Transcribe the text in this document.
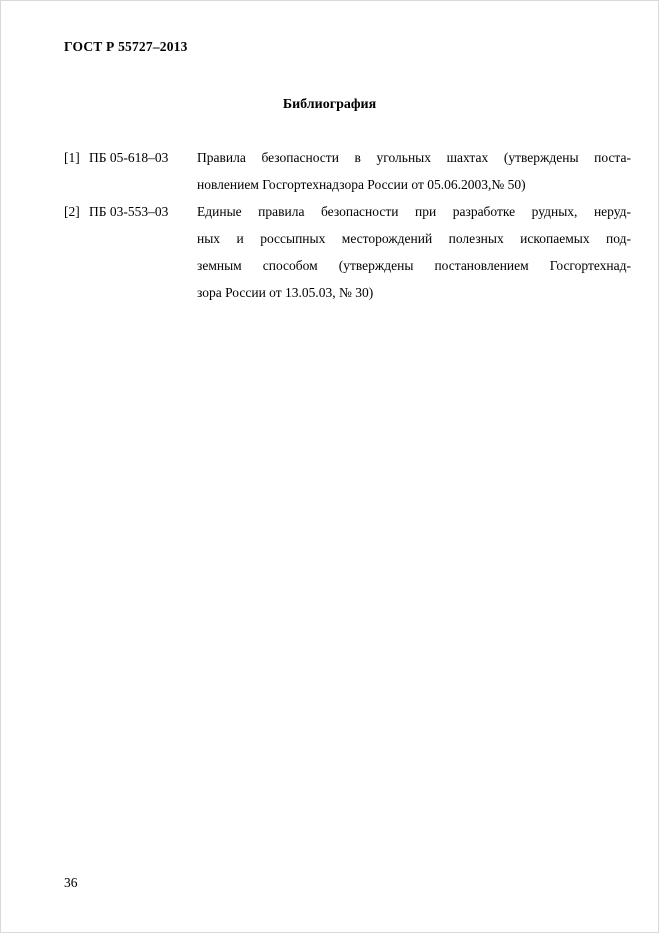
ГОСТ Р 55727–2013
Библиография
[1] ПБ 05-618–03	Правила безопасности в угольных шахтах (утверждены поста-
новлением Госгортехнадзора России от 05.06.2003,№ 50)
[2] ПБ 03-553–03	Единые правила безопасности при разработке рудных, неруд-
ных и россыпных месторождений полезных ископаемых под-
земным способом (утверждены постановлением Госгортехнад-
зора России от 13.05.03, № 30)
36
